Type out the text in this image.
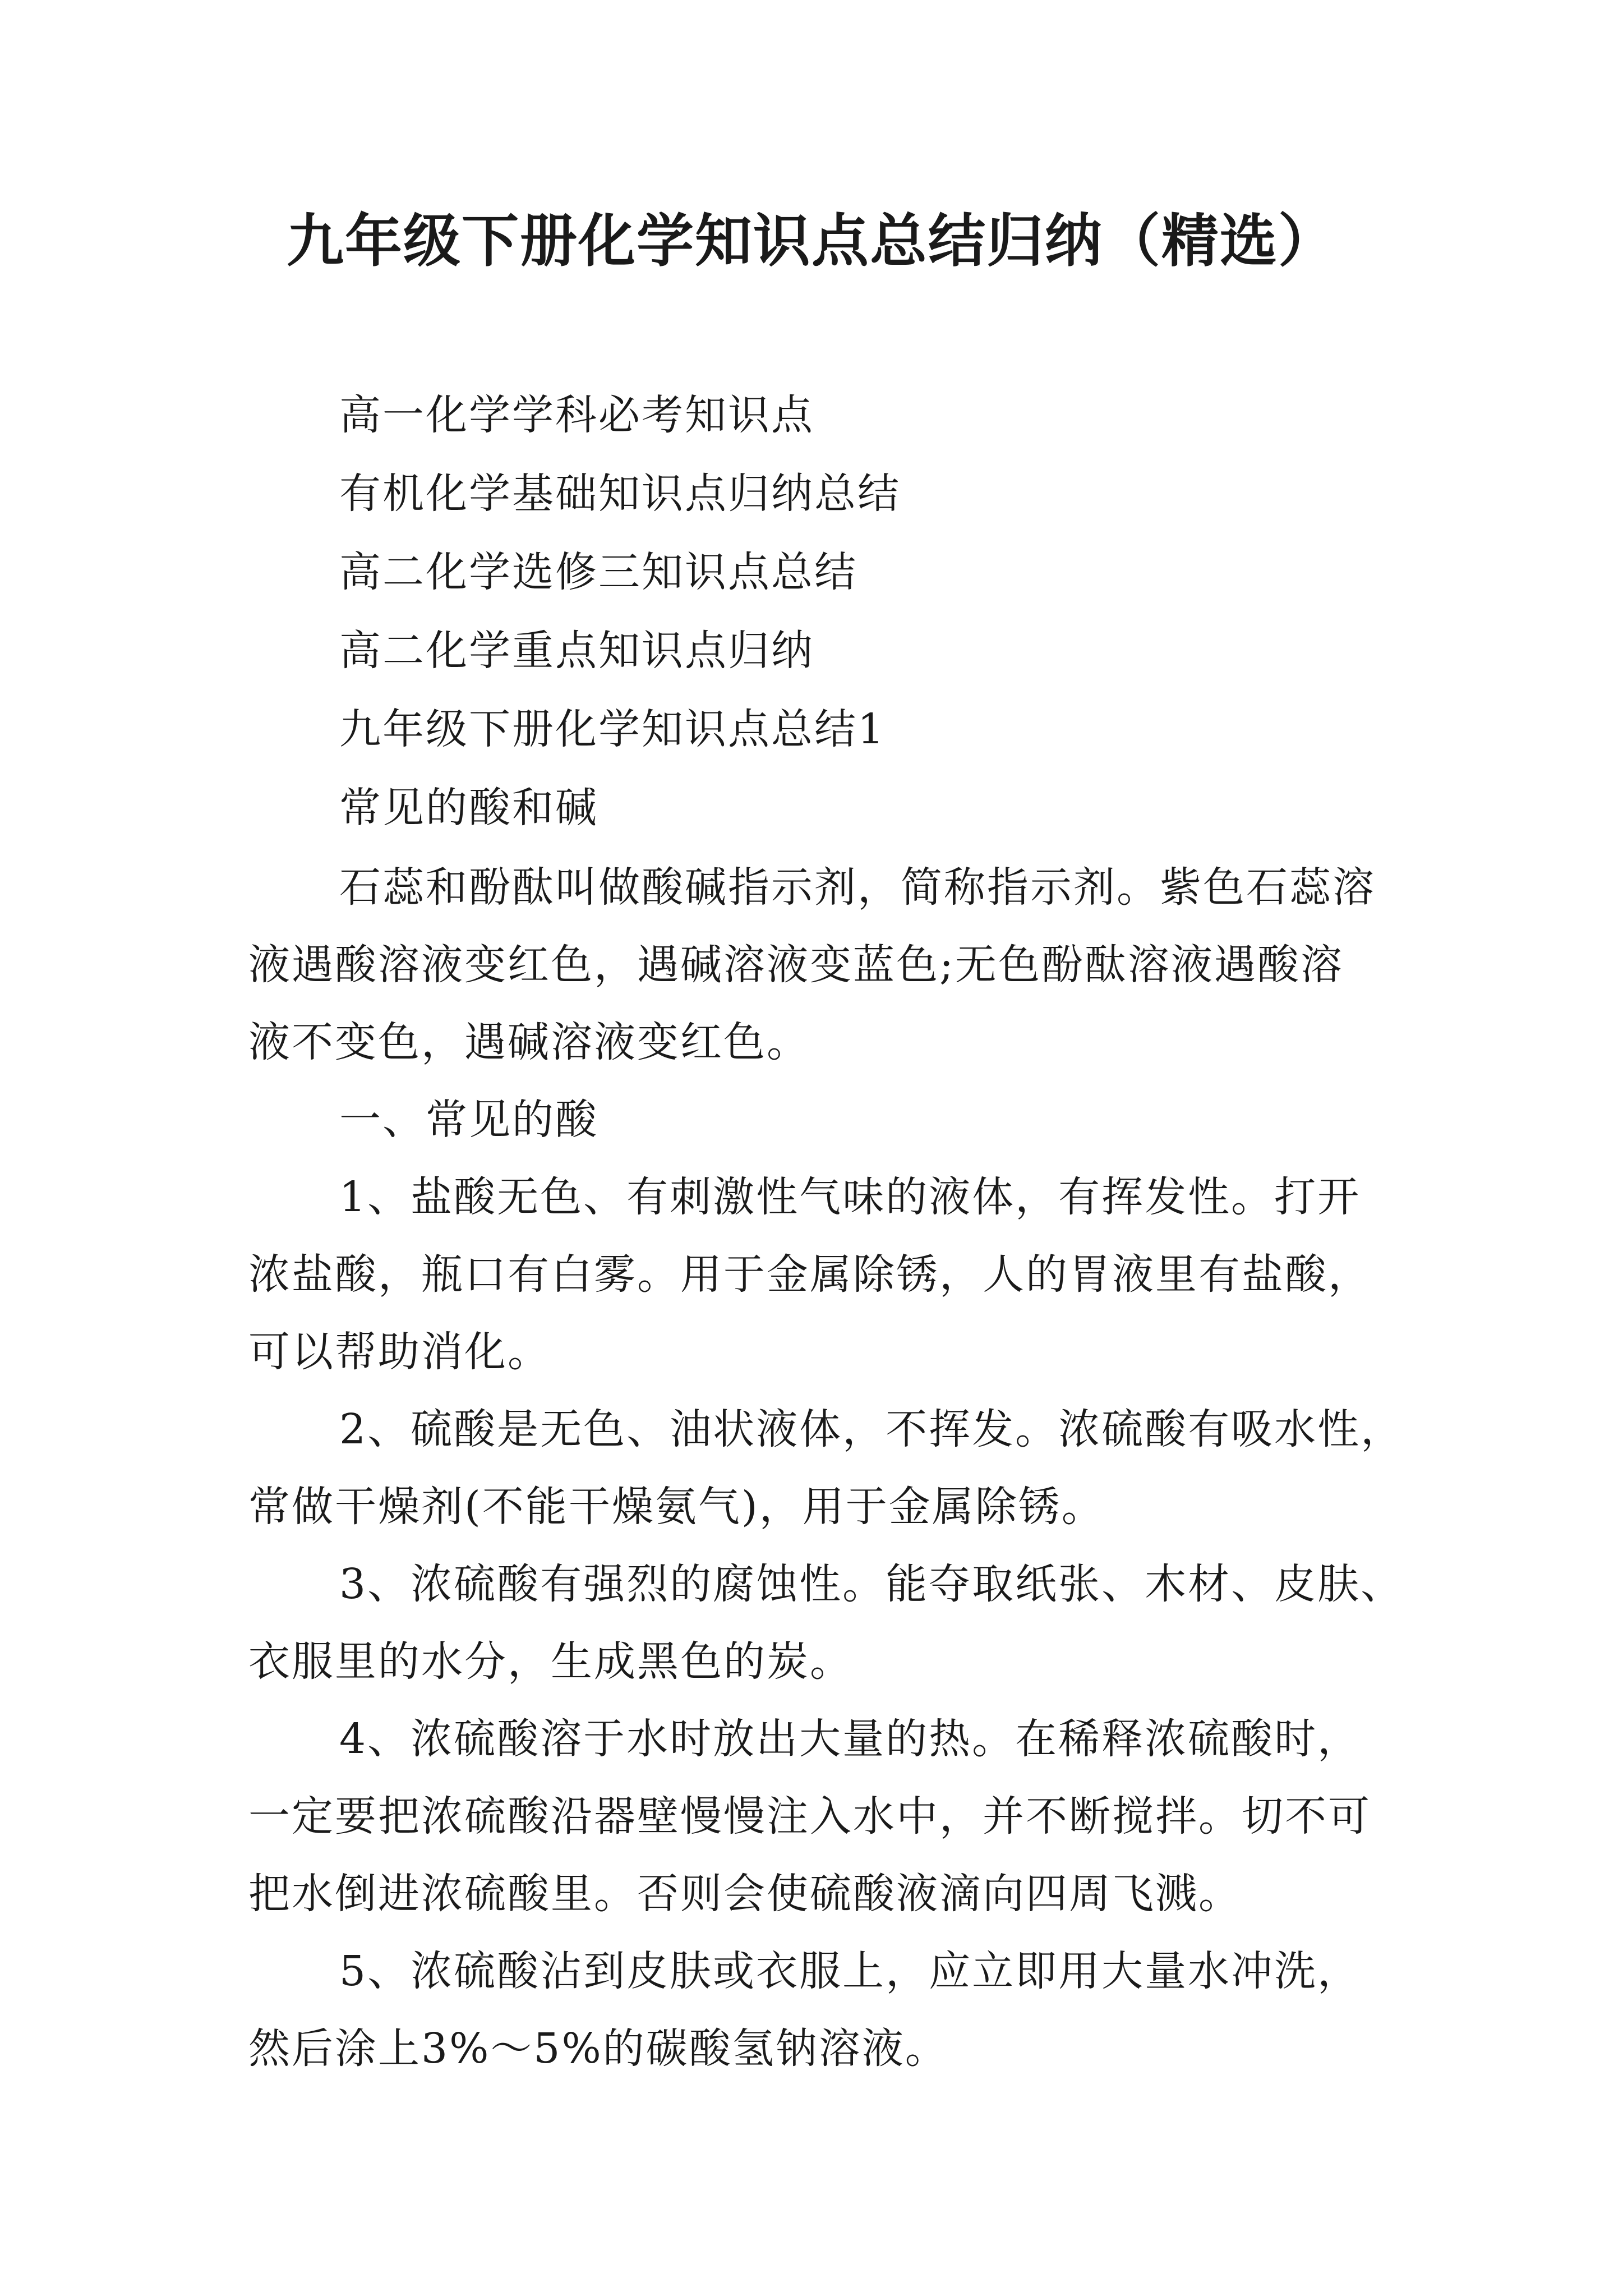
九年级下册化学知识点总结归纳（精选）
高一化学学科必考知识点
有机化学基础知识点归纳总结
高二化学选修三知识点总结
高二化学重点知识点归纳
九年级下册化学知识点总结1
常见的酸和碱

石蕊和酚酞叫做酸碱指示剂，简称指示剂。紫色石蕊溶
液遇酸溶液变红色，遇碱溶液变蓝色;无色酚酞溶液遇酸溶
液不变色，遇碱溶液变红色。

一、常见的酸

1、盐酸无色、有刺激性气味的液体，有挥发性。打开
浓盐酸，瓶口有白雾。用于金属除锈，人的胃液里有盐酸，
可以帮助消化。

2、硫酸是无色、油状液体，不挥发。浓硫酸有吸水性，
常做干燥剂(不能干燥氨气)，用于金属除锈。

3、浓硫酸有强烈的腐蚀性。能夺取纸张、木材、皮肤、
衣服里的水分，生成黑色的炭。

4、浓硫酸溶于水时放出大量的热。在稀释浓硫酸时，
一定要把浓硫酸沿器壁慢慢注入水中，并不断搅拌。切不可
把水倒进浓硫酸里。否则会使硫酸液滴向四周飞溅。

5、浓硫酸沾到皮肤或衣服上，应立即用大量水冲洗，
然后涂上3%～5%的碳酸氢钠溶液。
